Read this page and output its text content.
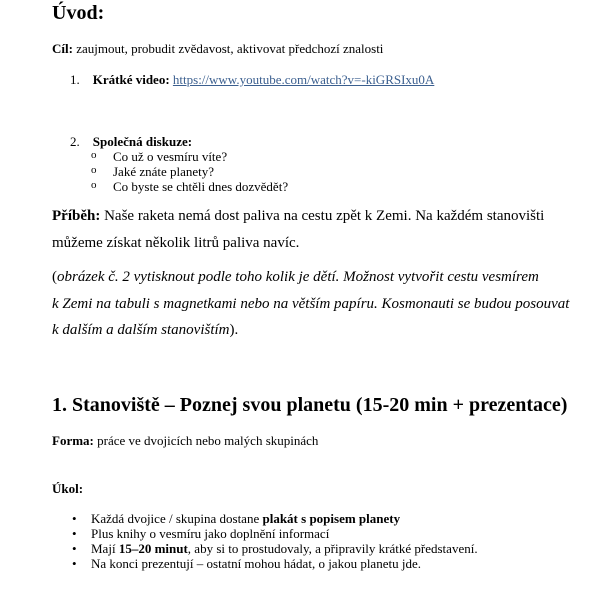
Úvod:
Cíl: zaujmout, probudit zvědavost, aktivovat předchozí znalosti
1. Krátké video: https://www.youtube.com/watch?v=-kiGRSIxu0A
2. Společná diskuze:
o Co už o vesmíru víte?
o Jaké znáte planety?
o Co byste se chtěli dnes dozvědět?
Příběh: Naše raketa nemá dost paliva na cestu zpět k Zemi. Na každém stanovišti
můžeme získat několik litrů paliva navíc.
(obrázek č. 2 vytisknout podle toho kolik je dětí. Možnost vytvořit cestu vesmírem
k Zemi na tabuli s magnetkami nebo na větším papíru. Kosmonauti se budou posouvat
k dalším a dalším stanovištím).
1. Stanoviště – Poznej svou planetu (15-20 min + prezentace)
Forma: práce ve dvojicích nebo malých skupinách
Úkol:
• Každá dvojice / skupina dostane plakát s popisem planety
• Plus knihy o vesmíru jako doplnění informací
• Mají 15–20 minut, aby si to prostudovaly, a připravily krátké představení.
• Na konci prezentují – ostatní mohou hádat, o jakou planetu jde.
